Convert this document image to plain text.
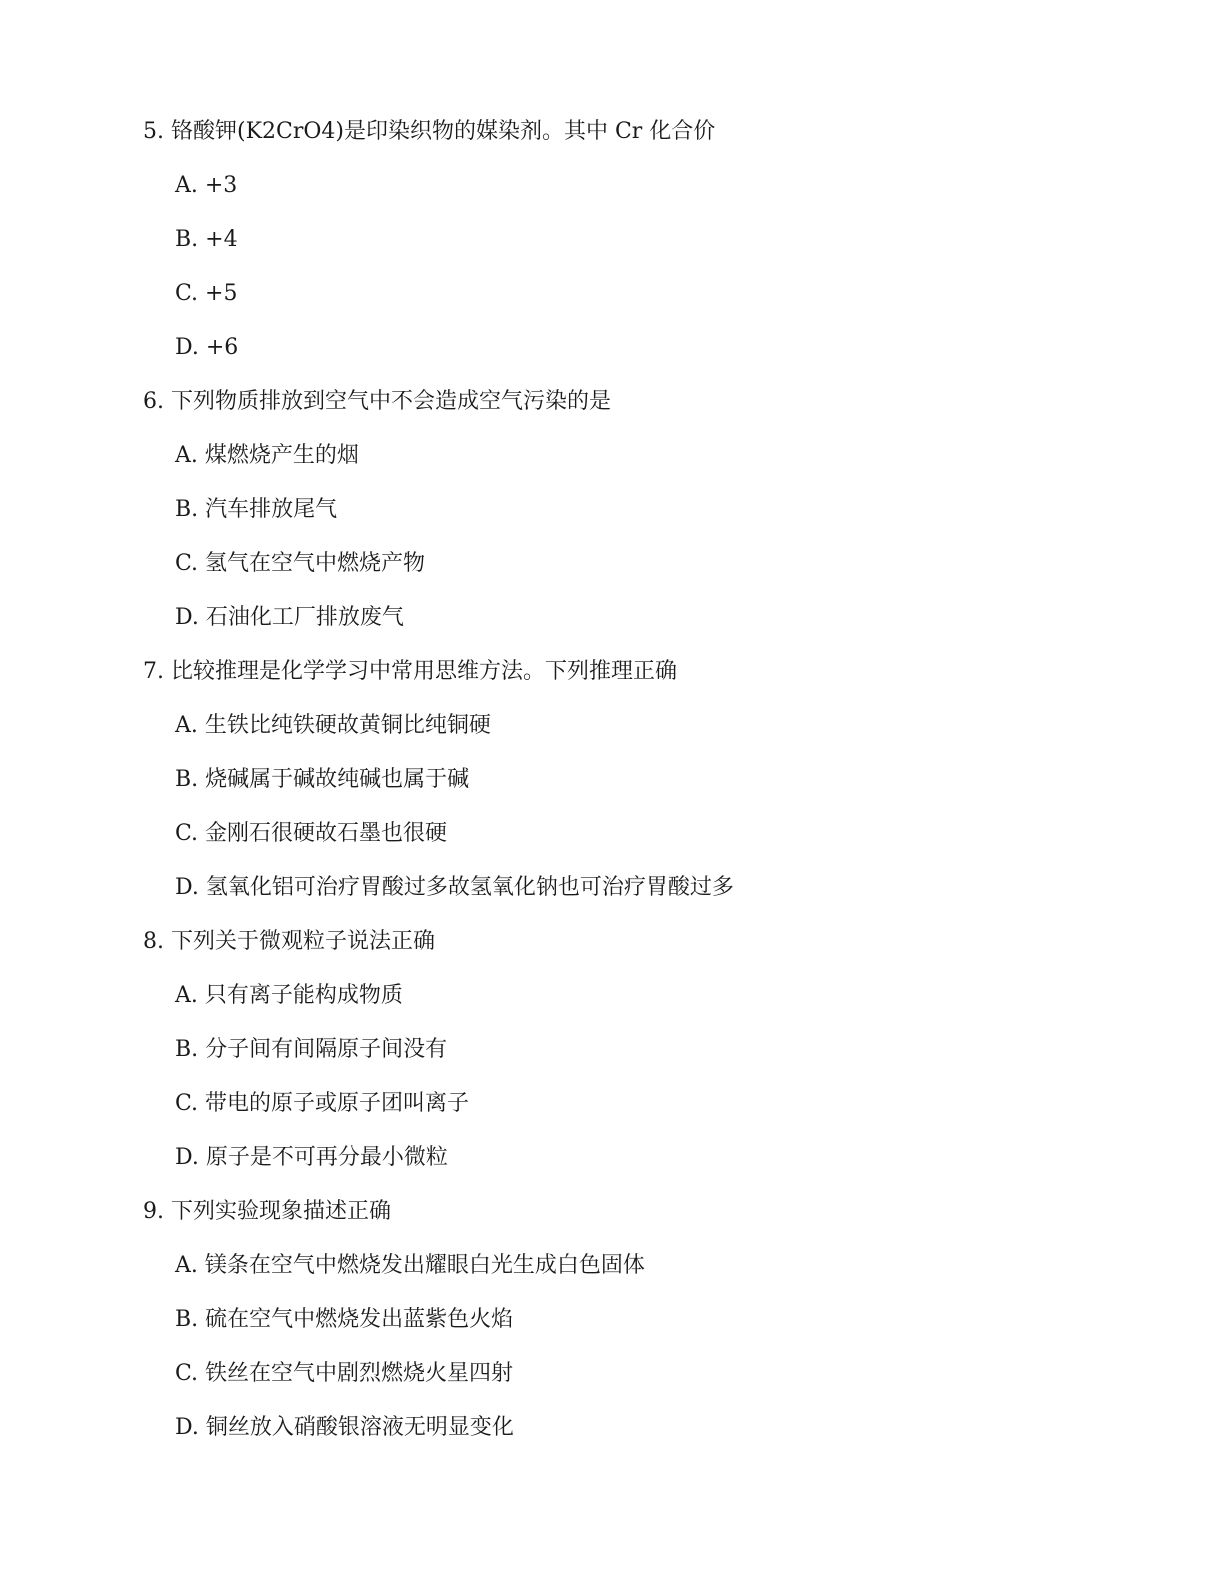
5. 铬酸钾(K2CrO4)是印染织物的媒染剂。其中 Cr 化合价
A. +3
B. +4
C. +5
D. +6
6. 下列物质排放到空气中不会造成空气污染的是
A. 煤燃烧产生的烟
B. 汽车排放尾气
C. 氢气在空气中燃烧产物
D. 石油化工厂排放废气
7. 比较推理是化学学习中常用思维方法。下列推理正确
A. 生铁比纯铁硬故黄铜比纯铜硬
B. 烧碱属于碱故纯碱也属于碱
C. 金刚石很硬故石墨也很硬
D. 氢氧化铝可治疗胃酸过多故氢氧化钠也可治疗胃酸过多
8. 下列关于微观粒子说法正确
A. 只有离子能构成物质
B. 分子间有间隔原子间没有
C. 带电的原子或原子团叫离子
D. 原子是不可再分最小微粒
9. 下列实验现象描述正确
A. 镁条在空气中燃烧发出耀眼白光生成白色固体
B. 硫在空气中燃烧发出蓝紫色火焰
C. 铁丝在空气中剧烈燃烧火星四射
D. 铜丝放入硝酸银溶液无明显变化
